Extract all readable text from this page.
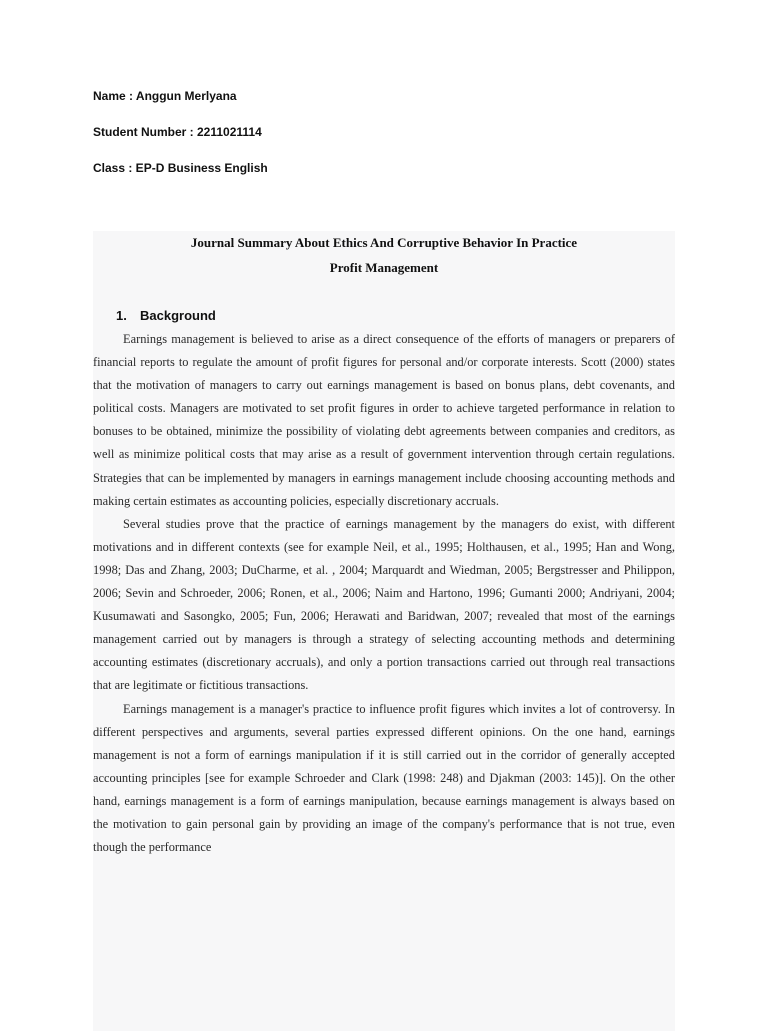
Name : Anggun Merlyana
Student Number : 2211021114
Class : EP-D Business English
Journal Summary About Ethics And Corruptive Behavior In Practice
Profit Management
1. Background

Earnings management is believed to arise as a direct consequence of the efforts of managers or preparers of financial reports to regulate the amount of profit figures for personal and/or corporate interests. Scott (2000) states that the motivation of managers to carry out earnings management is based on bonus plans, debt covenants, and political costs. Managers are motivated to set profit figures in order to achieve targeted performance in relation to bonuses to be obtained, minimize the possibility of violating debt agreements between companies and creditors, as well as minimize political costs that may arise as a result of government intervention through certain regulations. Strategies that can be implemented by managers in earnings management include choosing accounting methods and making certain estimates as accounting policies, especially discretionary accruals.

Several studies prove that the practice of earnings management by the managers do exist, with different motivations and in different contexts (see for example Neil, et al., 1995; Holthausen, et al., 1995; Han and Wong, 1998; Das and Zhang, 2003; DuCharme, et al. , 2004; Marquardt and Wiedman, 2005; Bergstresser and Philippon, 2006; Sevin and Schroeder, 2006; Ronen, et al., 2006; Naim and Hartono, 1996; Gumanti 2000; Andriyani, 2004; Kusumawati and Sasongko, 2005; Fun, 2006; Herawati and Baridwan, 2007; revealed that most of the earnings management carried out by managers is through a strategy of selecting accounting methods and determining accounting estimates (discretionary accruals), and only a portion transactions carried out through real transactions that are legitimate or fictitious transactions.

Earnings management is a manager's practice to influence profit figures which invites a lot of controversy. In different perspectives and arguments, several parties expressed different opinions. On the one hand, earnings management is not a form of earnings manipulation if it is still carried out in the corridor of generally accepted accounting principles [see for example Schroeder and Clark (1998: 248) and Djakman (2003: 145)]. On the other hand, earnings management is a form of earnings manipulation, because earnings management is always based on the motivation to gain personal gain by providing an image of the company's performance that is not true, even though the performance
